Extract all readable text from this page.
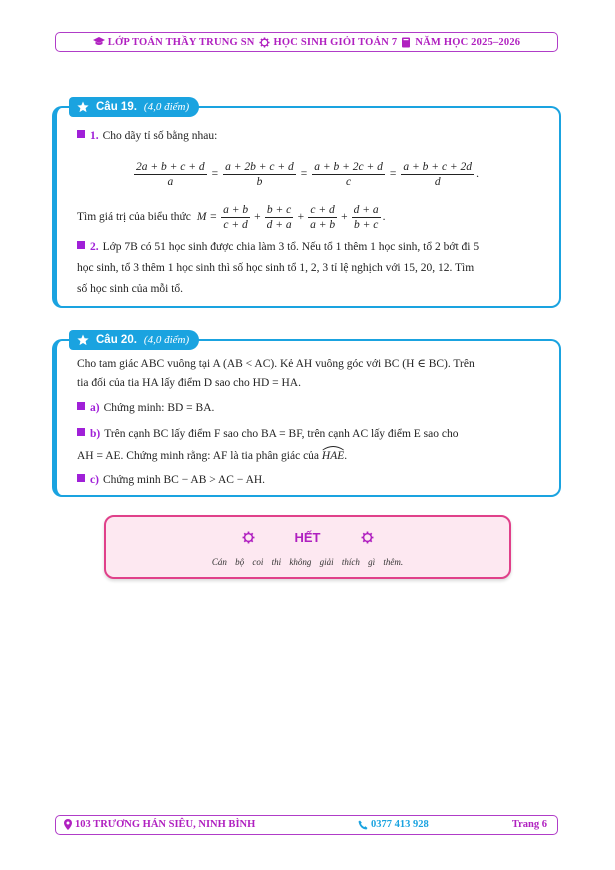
LỚP TOÁN THẦY TRUNG SN HỌC SINH GIỎI TOÁN 7 NĂM HỌC 2025–2026
Câu 19. (4,0 điểm)
1. Cho dãy tỉ số bằng nhau:
$\frac{2a + b + c + d}{a} = \frac{a + 2b + c + d}{b} = \frac{a + b + 2c + d}{c} = \frac{a + b + c + 2d}{d}$ .
Tìm giá trị của biểu thức $M = \frac{a + b}{c + d} + \frac{b + c}{d + a} + \frac{c + d}{a + b} + \frac{d + a}{b + c}$ .
2. Lớp 7B có 51 học sinh được chia làm 3 tổ. Nếu tổ 1 thêm 1 học sinh, tổ 2 bớt đi 5
học sinh, tổ 3 thêm 1 học sinh thì số học sinh tổ 1, 2, 3 tỉ lệ nghịch với 15, 20, 12. Tìm
số học sinh của mỗi tổ.
Câu 20. (4,0 điểm)
Cho tam giác ABC vuông tại A (AB < AC). Kẻ AH vuông góc với BC (H ∈ BC). Trên
tia đối của tia HA lấy điểm D sao cho HD = HA.
a) Chứng minh: BD = BA.
b) Trên cạnh BC lấy điểm F sao cho BA = BF, trên cạnh AC lấy điểm E sao cho
AH = AE. Chứng minh rằng: AF là tia phân giác của HAE.
c) Chứng minh BC − AB > AC − AH.
HẾT
Cán bộ coi thi không giải thích gì thêm.
103 TRƯƠNG HÁN SIÊU, NINH BÌNH	0377 413 928	Trang 6
